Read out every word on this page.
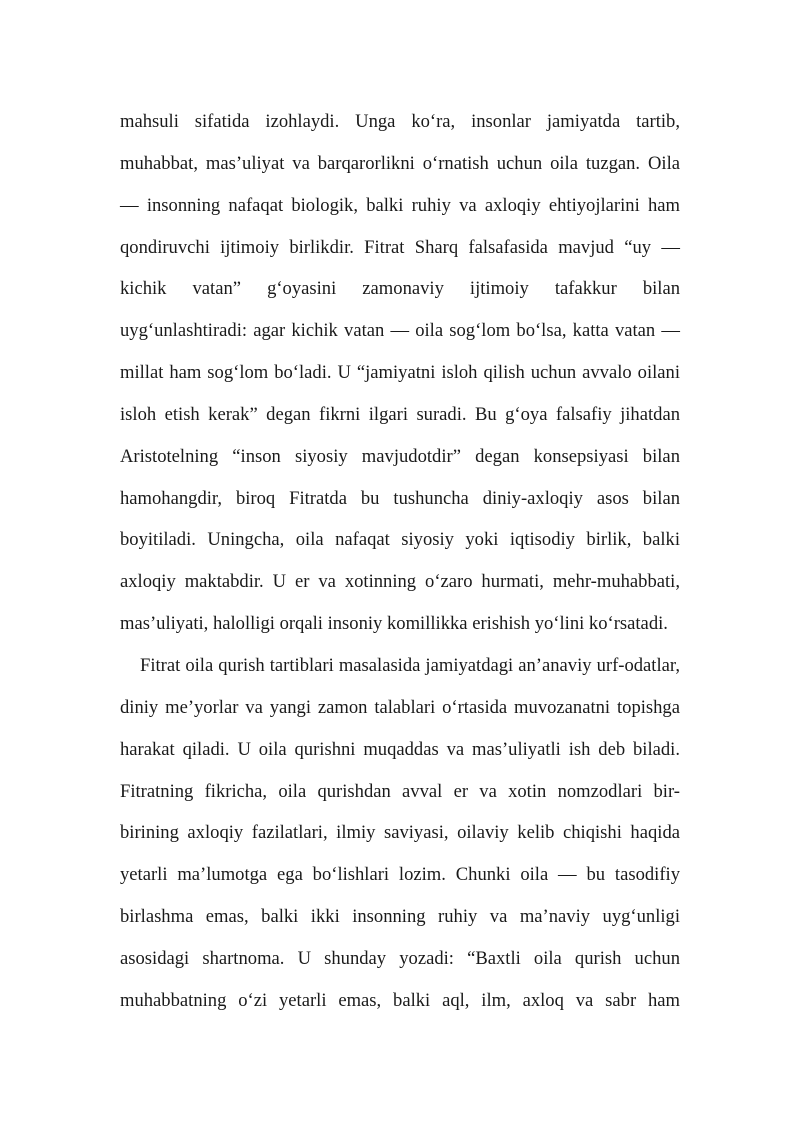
mahsuli sifatida izohlaydi. Unga ko‘ra, insonlar jamiyatda tartib,
muhabbat, mas’uliyat va barqarorlikni o‘rnatish uchun oila tuzgan. Oila
— insonning nafaqat biologik, balki ruhiy va axloqiy ehtiyojlarini ham
qondiruvchi ijtimoiy birlikdir. Fitrat Sharq falsafasida mavjud “uy —
kichik vatan” g‘oyasini zamonaviy ijtimoiy tafakkur bilan
uyg‘unlashtiradi: agar kichik vatan — oila sog‘lom bo‘lsa, katta vatan —
millat ham sog‘lom bo‘ladi. U “jamiyatni isloh qilish uchun avvalo oilani
isloh etish kerak” degan fikrni ilgari suradi. Bu g‘oya falsafiy jihatdan
Aristotelning “inson siyosiy mavjudotdir” degan konsepsiyasi bilan
hamohangdir, biroq Fitratda bu tushuncha diniy-axloqiy asos bilan
boyitiladi. Uningcha, oila nafaqat siyosiy yoki iqtisodiy birlik, balki
axloqiy maktabdir. U er va xotinning o‘zaro hurmati, mehr-muhabbati,
mas’uliyati, halolligi orqali insoniy komillikka erishish yo‘lini ko‘rsatadi.
Fitrat oila qurish tartiblari masalasida jamiyatdagi an’anaviy urf-odatlar,
diniy me’yorlar va yangi zamon talablari o‘rtasida muvozanatni topishga
harakat qiladi. U oila qurishni muqaddas va mas’uliyatli ish deb biladi.
Fitratning fikricha, oila qurishdan avval er va xotin nomzodlari bir-
birining axloqiy fazilatlari, ilmiy saviyasi, oilaviy kelib chiqishi haqida
yetarli ma’lumotga ega bo‘lishlari lozim. Chunki oila — bu tasodifiy
birlashma emas, balki ikki insonning ruhiy va ma’naviy uyg‘unligi
asosidagi shartnoma. U shunday yozadi: “Baxtli oila qurish uchun
muhabbatning o‘zi yetarli emas, balki aql, ilm, axloq va sabr ham
